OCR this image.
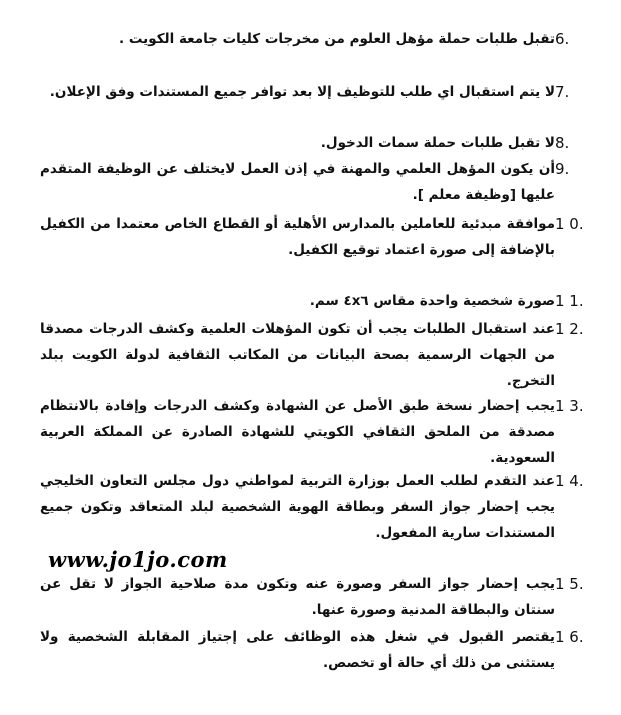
6.

تقبل طلبات حملة مؤهل العلوم من مخرجات كليات جامعة الكويت .

7.

لا يتم استقبال اي طلب للتوظيف إلا بعد توافر جميع المستندات وفق الإعلان.

8.

لا تقبل طلبات حملة سمات الدخول.

9.

أن يكون المؤهل العلمي والمهنة في إذن العمل لايختلف عن الوظيفة المتقدم عليها [وظيفة معلم ].

1 0.

موافقة مبدئية للعاملين بالمدارس الأهلية أو القطاع الخاص معتمدا من الكفيل بالإضافة إلى صورة اعتماد توقيع الكفيل.

1 1.

صورة شخصية واحدة مقاس ٤x٦ سم.

1 2.

عند استقبال الطلبات يجب أن تكون المؤهلات العلمية وكشف الدرجات مصدقا من الجهات الرسمية بصحة البيانات من المكاتب الثقافية لدولة الكويت ببلد التخرج.

1 3.

يجب إحضار نسخة طبق الأصل عن الشهادة وكشف الدرجات وإفادة بالانتظام مصدقة من الملحق الثقافي الكويتي للشهادة الصادرة عن المملكة العربية السعودية.

1 4.

عند التقدم لطلب العمل بوزارة التربية لمواطني دول مجلس التعاون الخليجي يجب إحضار جواز السفر وبطاقة الهوية الشخصية لبلد المتعاقد وتكون جميع المستندات سارية المفعول.

1 5.

يجب إحضار جواز السفر وصورة عنه وتكون مدة صلاحية الجواز لا تقل عن سنتان والبطاقة المدنية وصورة عنها.

1 6.

يقتصر القبول في شغل هذه الوظائف على إجتياز المقابلة الشخصية ولا يستثنى من ذلك أي حالة أو تخصص.

www.jo1jo.com
